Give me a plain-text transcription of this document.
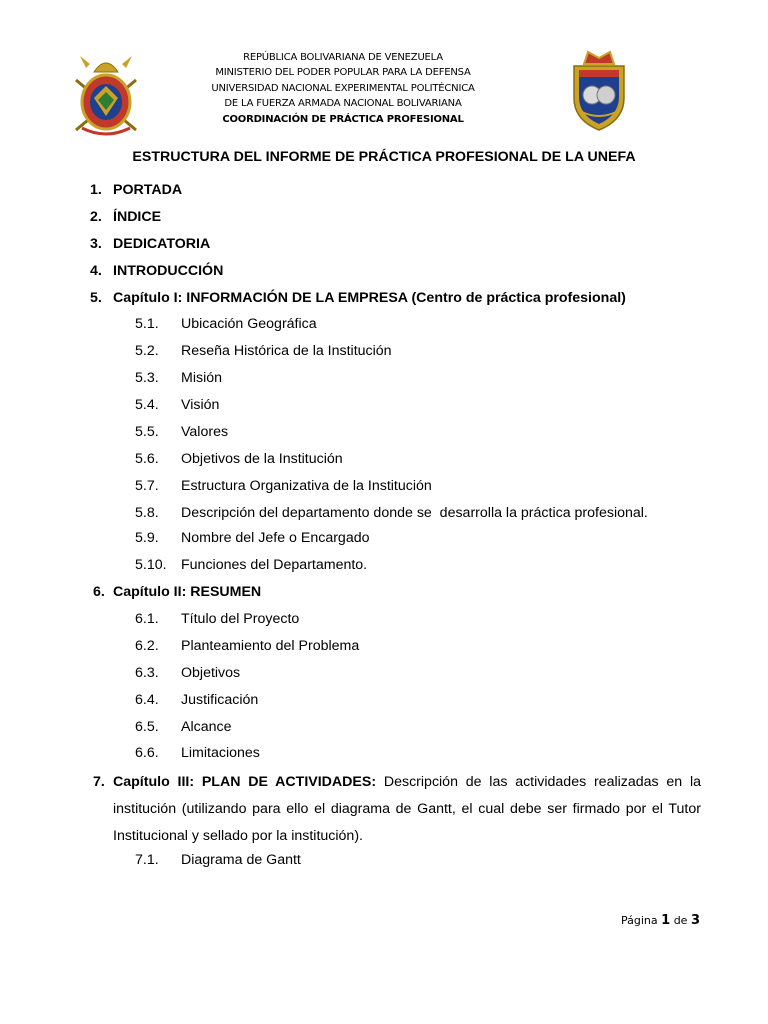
REPÚBLICA BOLIVARIANA DE VENEZUELA
MINISTERIO DEL PODER POPULAR PARA LA DEFENSA
UNIVERSIDAD NACIONAL EXPERIMENTAL POLITÉCNICA
DE LA FUERZA ARMADA NACIONAL BOLIVARIANA
COORDINACIÓN DE PRÁCTICA PROFESIONAL
ESTRUCTURA DEL INFORME DE PRÁCTICA PROFESIONAL DE LA UNEFA
1. PORTADA
2. ÍNDICE
3. DEDICATORIA
4. INTRODUCCIÓN
5. Capítulo I: INFORMACIÓN DE LA EMPRESA (Centro de práctica profesional)
5.1. Ubicación Geográfica
5.2. Reseña Histórica de la Institución
5.3. Misión
5.4. Visión
5.5. Valores
5.6. Objetivos de la Institución
5.7. Estructura Organizativa de la Institución
5.8. Descripción del departamento donde se  desarrolla la práctica profesional.
5.9. Nombre del Jefe o Encargado
5.10. Funciones del Departamento.
6. Capítulo II: RESUMEN
6.1. Título del Proyecto
6.2. Planteamiento del Problema
6.3. Objetivos
6.4. Justificación
6.5. Alcance
6.6. Limitaciones
7. Capítulo III: PLAN DE ACTIVIDADES: Descripción de las actividades realizadas en la institución (utilizando para ello el diagrama de Gantt, el cual debe ser firmado por el Tutor Institucional y sellado por la institución).
7.1. Diagrama de Gantt
Página 1 de 3
